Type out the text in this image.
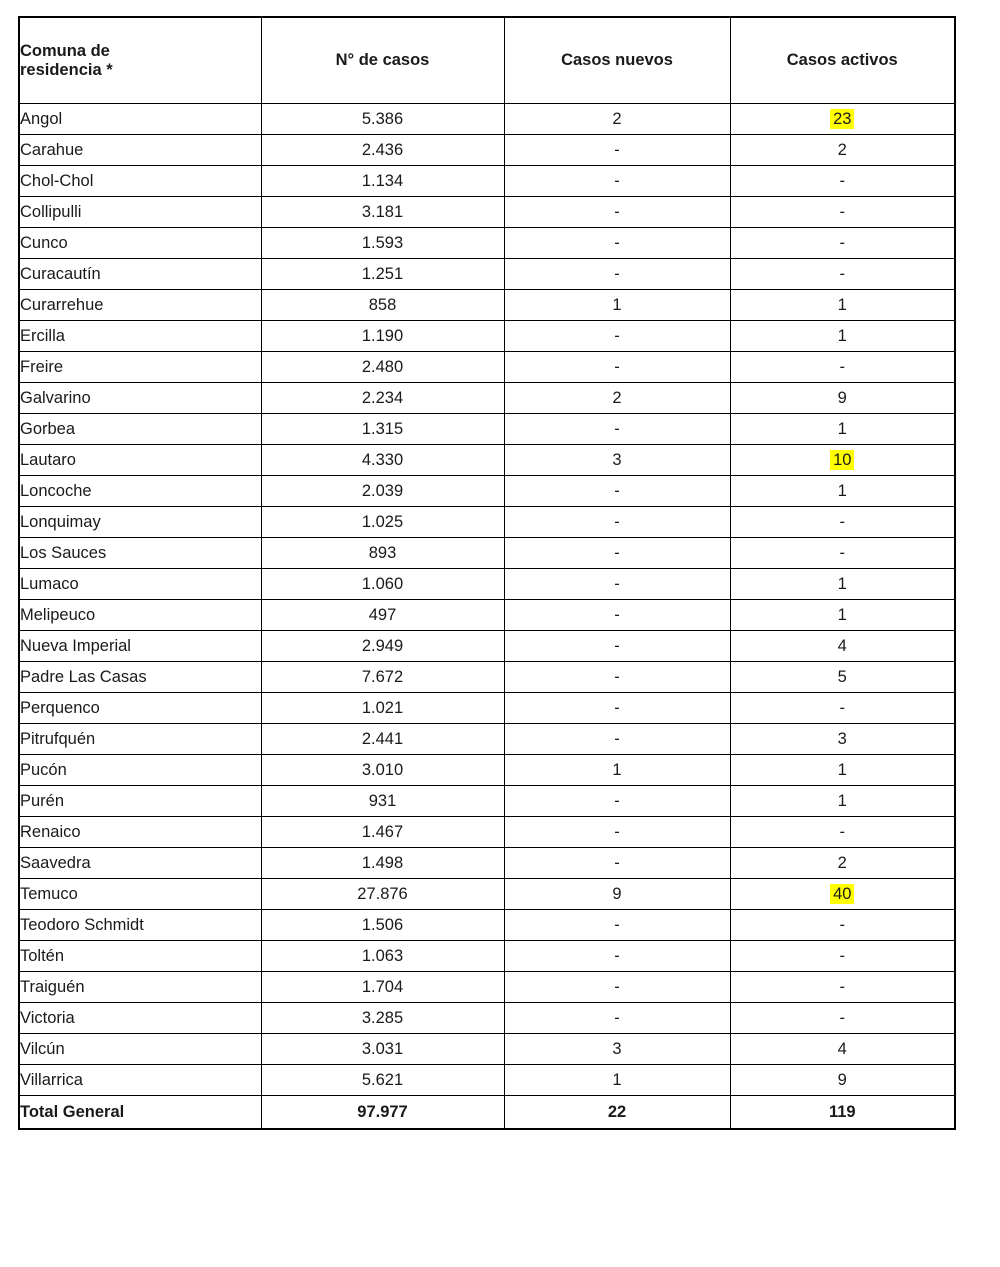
Comuna de
residencia *	N° de casos	Casos nuevos	Casos activos
Angol	5.386	2	23
Carahue	2.436	-	2
Chol-Chol	1.134	-	-
Collipulli	3.181	-	-
Cunco	1.593	-	-
Curacautín	1.251	-	-
Curarrehue	858	1	1
Ercilla	1.190	-	1
Freire	2.480	-	-
Galvarino	2.234	2	9
Gorbea	1.315	-	1
Lautaro	4.330	3	10
Loncoche	2.039	-	1
Lonquimay	1.025	-	-
Los Sauces	893	-	-
Lumaco	1.060	-	1
Melipeuco	497	-	1
Nueva Imperial	2.949	-	4
Padre Las Casas	7.672	-	5
Perquenco	1.021	-	-
Pitrufquén	2.441	-	3
Pucón	3.010	1	1
Purén	931	-	1
Renaico	1.467	-	-
Saavedra	1.498	-	2
Temuco	27.876	9	40
Teodoro Schmidt	1.506	-	-
Toltén	1.063	-	-
Traiguén	1.704	-	-
Victoria	3.285	-	-
Vilcún	3.031	3	4
Villarrica	5.621	1	9
Total General	97.977	22	119
